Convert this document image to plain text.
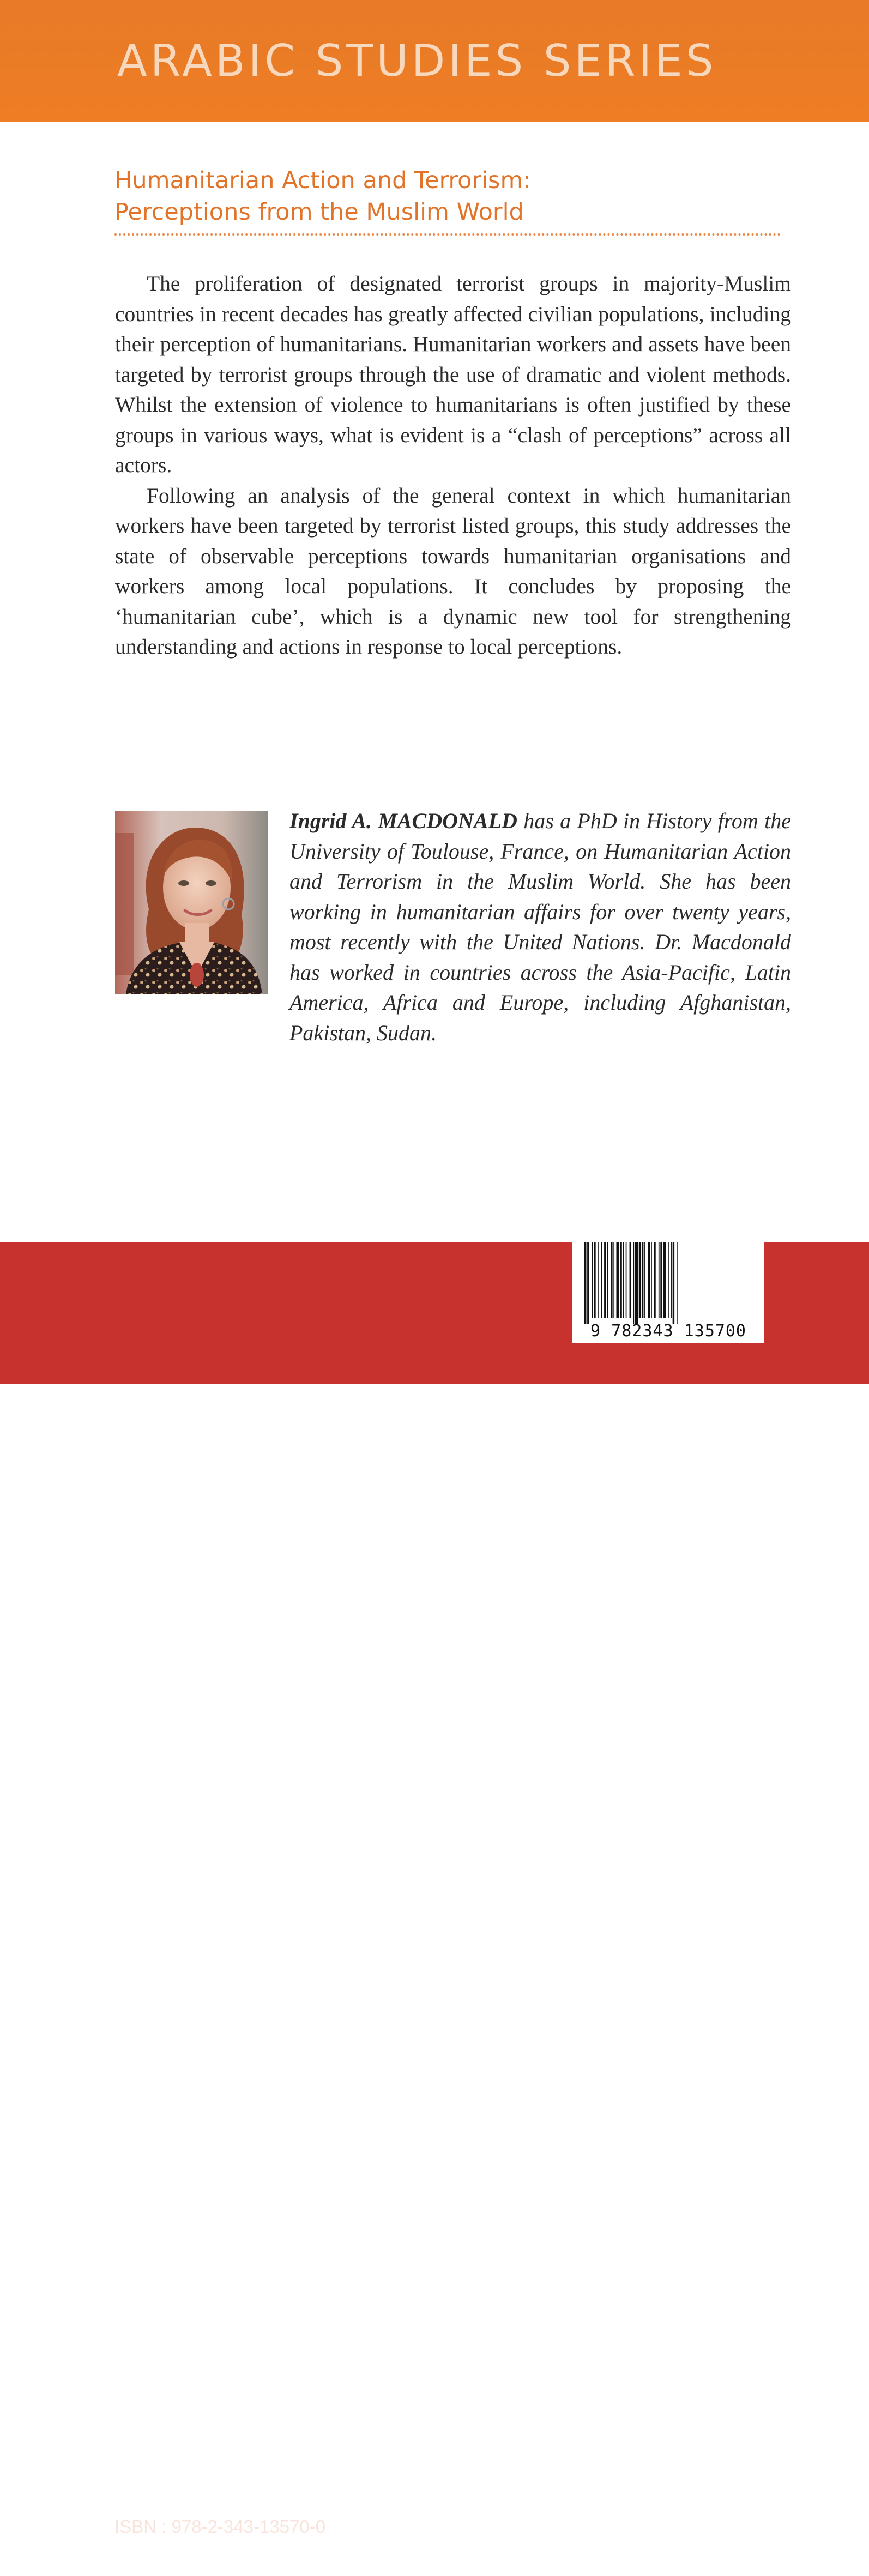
ARABIC STUDIES SERIES
Humanitarian Action and Terrorism:
Perceptions from the Muslim World

The proliferation of designated terrorist groups in majority-Muslim countries in recent decades has greatly affected civilian populations, including their perception of humanitarians. Humanitarian workers and assets have been targeted by terrorist groups through the use of dramatic and violent methods. Whilst the extension of violence to humanitarians is often justified by these groups in various ways, what is evident is a “clash of perceptions” across all actors.

Following an analysis of the general context in which humanitarian workers have been targeted by terrorist listed groups, this study addresses the state of observable perceptions towards humanitarian organisations and workers among local populations. It concludes by proposing the ‘humanitarian cube’, which is a dynamic new tool for strengthening understanding and actions in response to local perceptions.

Ingrid A. MACDONALD has a PhD in History from the University of Toulouse, France, on Humanitarian Action and Terrorism in the Muslim World. She has been working in humanitarian affairs for over twenty years, most recently with the United Nations. Dr. Macdonald has worked in countries across the Asia-Pacific, Latin America, Africa and Europe, including Afghanistan, Pakistan, Sudan.
ISBN : 978-2-343-13570-0
31,50 €
9 782343 135700
